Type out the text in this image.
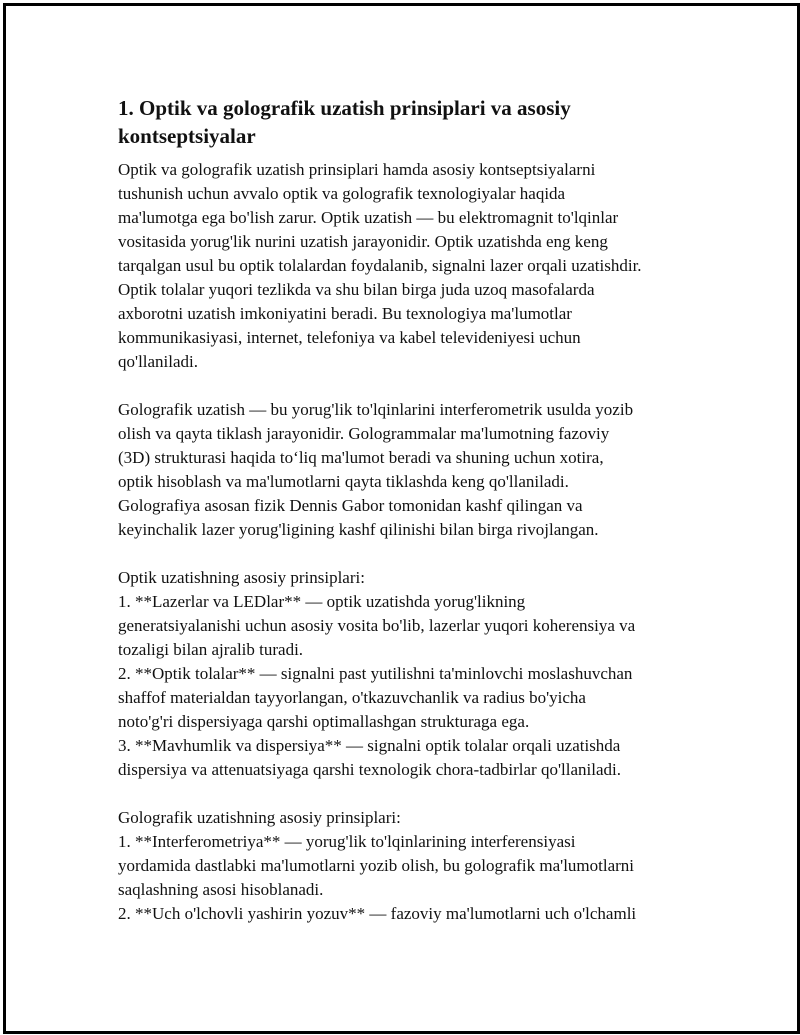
1. Optik va golografik uzatish prinsiplari va asosiy
kontseptsiyalar

Optik va golografik uzatish prinsiplari hamda asosiy kontseptsiyalarni
tushunish uchun avvalo optik va golografik texnologiyalar haqida
ma'lumotga ega bo'lish zarur. Optik uzatish — bu elektromagnit to'lqinlar
vositasida yorug'lik nurini uzatish jarayonidir. Optik uzatishda eng keng
tarqalgan usul bu optik tolalardan foydalanib, signalni lazer orqali uzatishdir.
Optik tolalar yuqori tezlikda va shu bilan birga juda uzoq masofalarda
axborotni uzatish imkoniyatini beradi. Bu texnologiya ma'lumotlar
kommunikasiyasi, internet, telefoniya va kabel televideniyesi uchun
qo'llaniladi.

Golografik uzatish — bu yorug'lik to'lqinlarini interferometrik usulda yozib
olish va qayta tiklash jarayonidir. Gologrammalar ma'lumotning fazoviy
(3D) strukturasi haqida to‘liq ma'lumot beradi va shuning uchun xotira,
optik hisoblash va ma'lumotlarni qayta tiklashda keng qo'llaniladi.
Golografiya asosan fizik Dennis Gabor tomonidan kashf qilingan va
keyinchalik lazer yorug'ligining kashf qilinishi bilan birga rivojlangan.

Optik uzatishning asosiy prinsiplari:
1. **Lazerlar va LEDlar** — optik uzatishda yorug'likning
generatsiyalanishi uchun asosiy vosita bo'lib, lazerlar yuqori koherensiya va
tozaligi bilan ajralib turadi.
2. **Optik tolalar** — signalni past yutilishni ta'minlovchi moslashuvchan
shaffof materialdan tayyorlangan, o'tkazuvchanlik va radius bo'yicha
noto'g'ri dispersiyaga qarshi optimallashgan strukturaga ega.
3. **Mavhumlik va dispersiya** — signalni optik tolalar orqali uzatishda
dispersiya va attenuatsiyaga qarshi texnologik chora-tadbirlar qo'llaniladi.

Golografik uzatishning asosiy prinsiplari:
1. **Interferometriya** — yorug'lik to'lqinlarining interferensiyasi
yordamida dastlabki ma'lumotlarni yozib olish, bu golografik ma'lumotlarni
saqlashning asosi hisoblanadi.
2. **Uch o'lchovli yashirin yozuv** — fazoviy ma'lumotlarni uch o'lchamli
